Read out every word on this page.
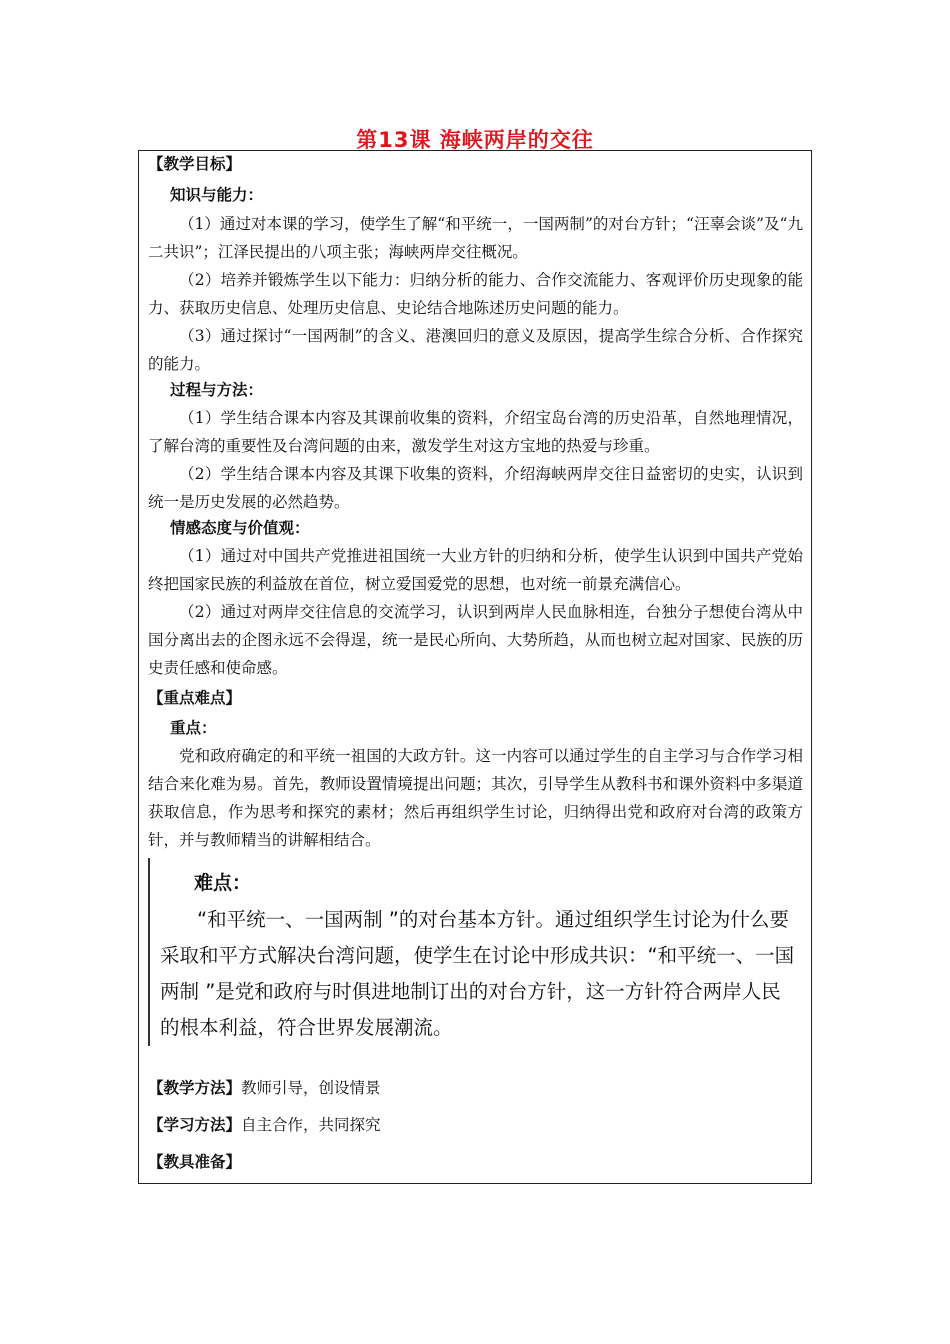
第13课 海峡两岸的交往
【教学目标】
知识与能力：
（1）通过对本课的学习，使学生了解“和平统一，一国两制”的对台方针；“汪辜会谈”及“九二共识”；江泽民提出的八项主张；海峡两岸交往概况。
（2）培养并锻炼学生以下能力：归纳分析的能力、合作交流能力、客观评价历史现象的能力、获取历史信息、处理历史信息、史论结合地陈述历史问题的能力。
（3）通过探讨“一国两制”的含义、港澳回归的意义及原因，提高学生综合分析、合作探究的能力。
过程与方法：
（1）学生结合课本内容及其课前收集的资料，介绍宝岛台湾的历史沿革，自然地理情况，了解台湾的重要性及台湾问题的由来，激发学生对这方宝地的热爱与珍重。
（2）学生结合课本内容及其课下收集的资料，介绍海峡两岸交往日益密切的史实，认识到统一是历史发展的必然趋势。
情感态度与价值观：
（1）通过对中国共产党推进祖国统一大业方针的归纳和分析，使学生认识到中国共产党始终把国家民族的利益放在首位，树立爱国爱党的思想，也对统一前景充满信心。
（2）通过对两岸交往信息的交流学习，认识到两岸人民血脉相连，台独分子想使台湾从中国分离出去的企图永远不会得逞，统一是民心所向、大势所趋，从而也树立起对国家、民族的历史责任感和使命感。
【重点难点】
重点：
党和政府确定的和平统一祖国的大政方针。这一内容可以通过学生的自主学习与合作学习相结合来化难为易。首先，教师设置情境提出问题；其次，引导学生从教科书和课外资料中多渠道获取信息，作为思考和探究的素材；然后再组织学生讨论，归纳得出党和政府对台湾的政策方针，并与教师精当的讲解相结合。
难点：
“和平统一、一国两制 ”的对台基本方针。通过组织学生讨论为什么要采取和平方式解决台湾问题，使学生在讨论中形成共识：“和平统一、一国两制 ”是党和政府与时俱进地制订出的对台方针，这一方针符合两岸人民的根本利益，符合世界发展潮流。
【教学方法】教师引导，创设情景
【学习方法】自主合作，共同探究
【教具准备】
